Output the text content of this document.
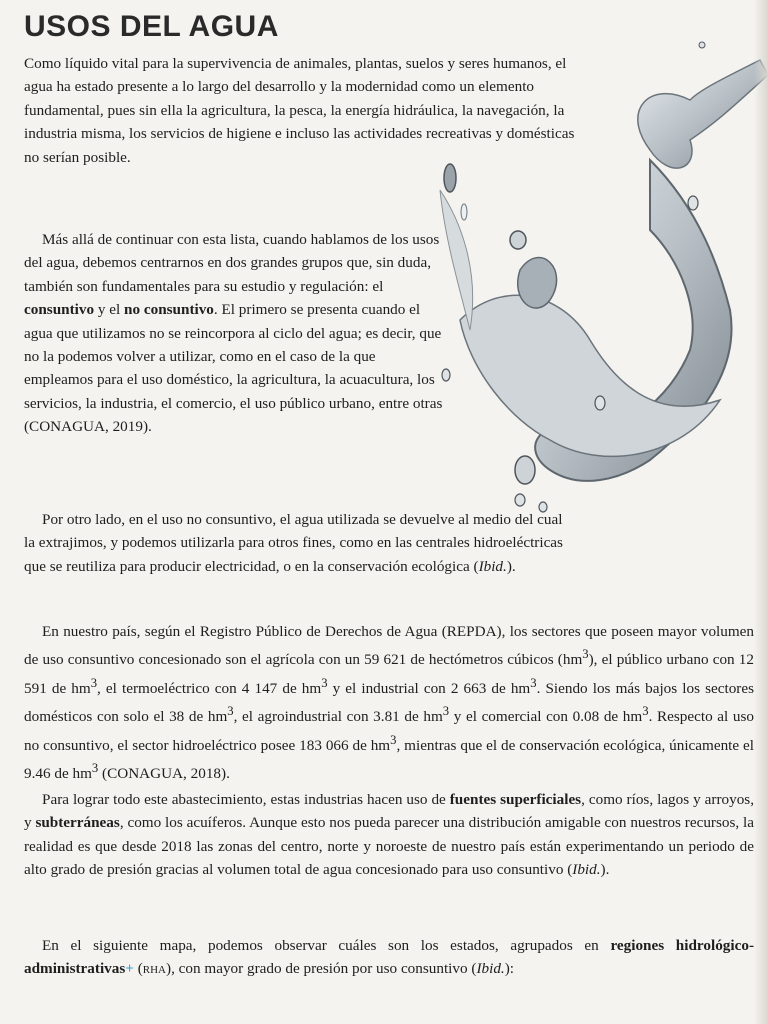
USOS DEL AGUA

Como líquido vital para la supervivencia de animales, plantas, suelos y seres humanos, el agua ha estado presente a lo largo del desarrollo y la modernidad como un elemento fundamental, pues sin ella la agricultura, la pesca, la energía hidráulica, la navegación, la industria misma, los servicios de higiene e incluso las actividades recreativas y domésticas no serían posible.

Más allá de continuar con esta lista, cuando hablamos de los usos del agua, debemos centrarnos en dos grandes grupos que, sin duda, también son fundamentales para su estudio y regulación: el consuntivo y el no consuntivo. El primero se presenta cuando el agua que utilizamos no se reincorpora al ciclo del agua; es decir, que no la podemos volver a utilizar, como en el caso de la que empleamos para el uso doméstico, la agricultura, la acuacultura, los servicios, la industria, el comercio, el uso público urbano, entre otras (CONAGUA, 2019).

Por otro lado, en el uso no consuntivo, el agua utilizada se devuelve al medio del cual la extrajimos, y podemos utilizarla para otros fines, como en las centrales hidroeléctricas que se reutiliza para producir electricidad, o en la conservación ecológica (Ibid.).

En nuestro país, según el Registro Público de Derechos de Agua (REPDA), los sectores que poseen mayor volumen de uso consuntivo concesionado son el agrícola con un 59 621 de hectómetros cúbicos $(hm^3)$, el público urbano con 12 591 de $hm^3$, el termoeléctrico con 4 147 de $hm^3$ y el industrial con 2 663 de $hm^3$. Siendo los más bajos los sectores domésticos con solo el 38 de $hm^3$, el agroindustrial con 3.81 de $hm^3$ y el comercial con 0.08 de $hm^3$. Respecto al uso no consuntivo, el sector hidroeléctrico posee 183 066 de $hm^3$, mientras que el de conservación ecológica, únicamente el 9.46 de $hm^3$ (CONAGUA, 2018).

Para lograr todo este abastecimiento, estas industrias hacen uso de fuentes superficiales, como ríos, lagos y arroyos, y subterráneas, como los acuíferos. Aunque esto nos pueda parecer una distribución amigable con nuestros recursos, la realidad es que desde 2018 las zonas del centro, norte y noroeste de nuestro país están experimentando un periodo de alto grado de presión gracias al volumen total de agua concesionado para uso consuntivo (Ibid.).

En el siguiente mapa, podemos observar cuáles son los estados, agrupados en regiones hidrológico-administrativas+ (rha), con mayor grado de presión por uso consuntivo (Ibid.):
